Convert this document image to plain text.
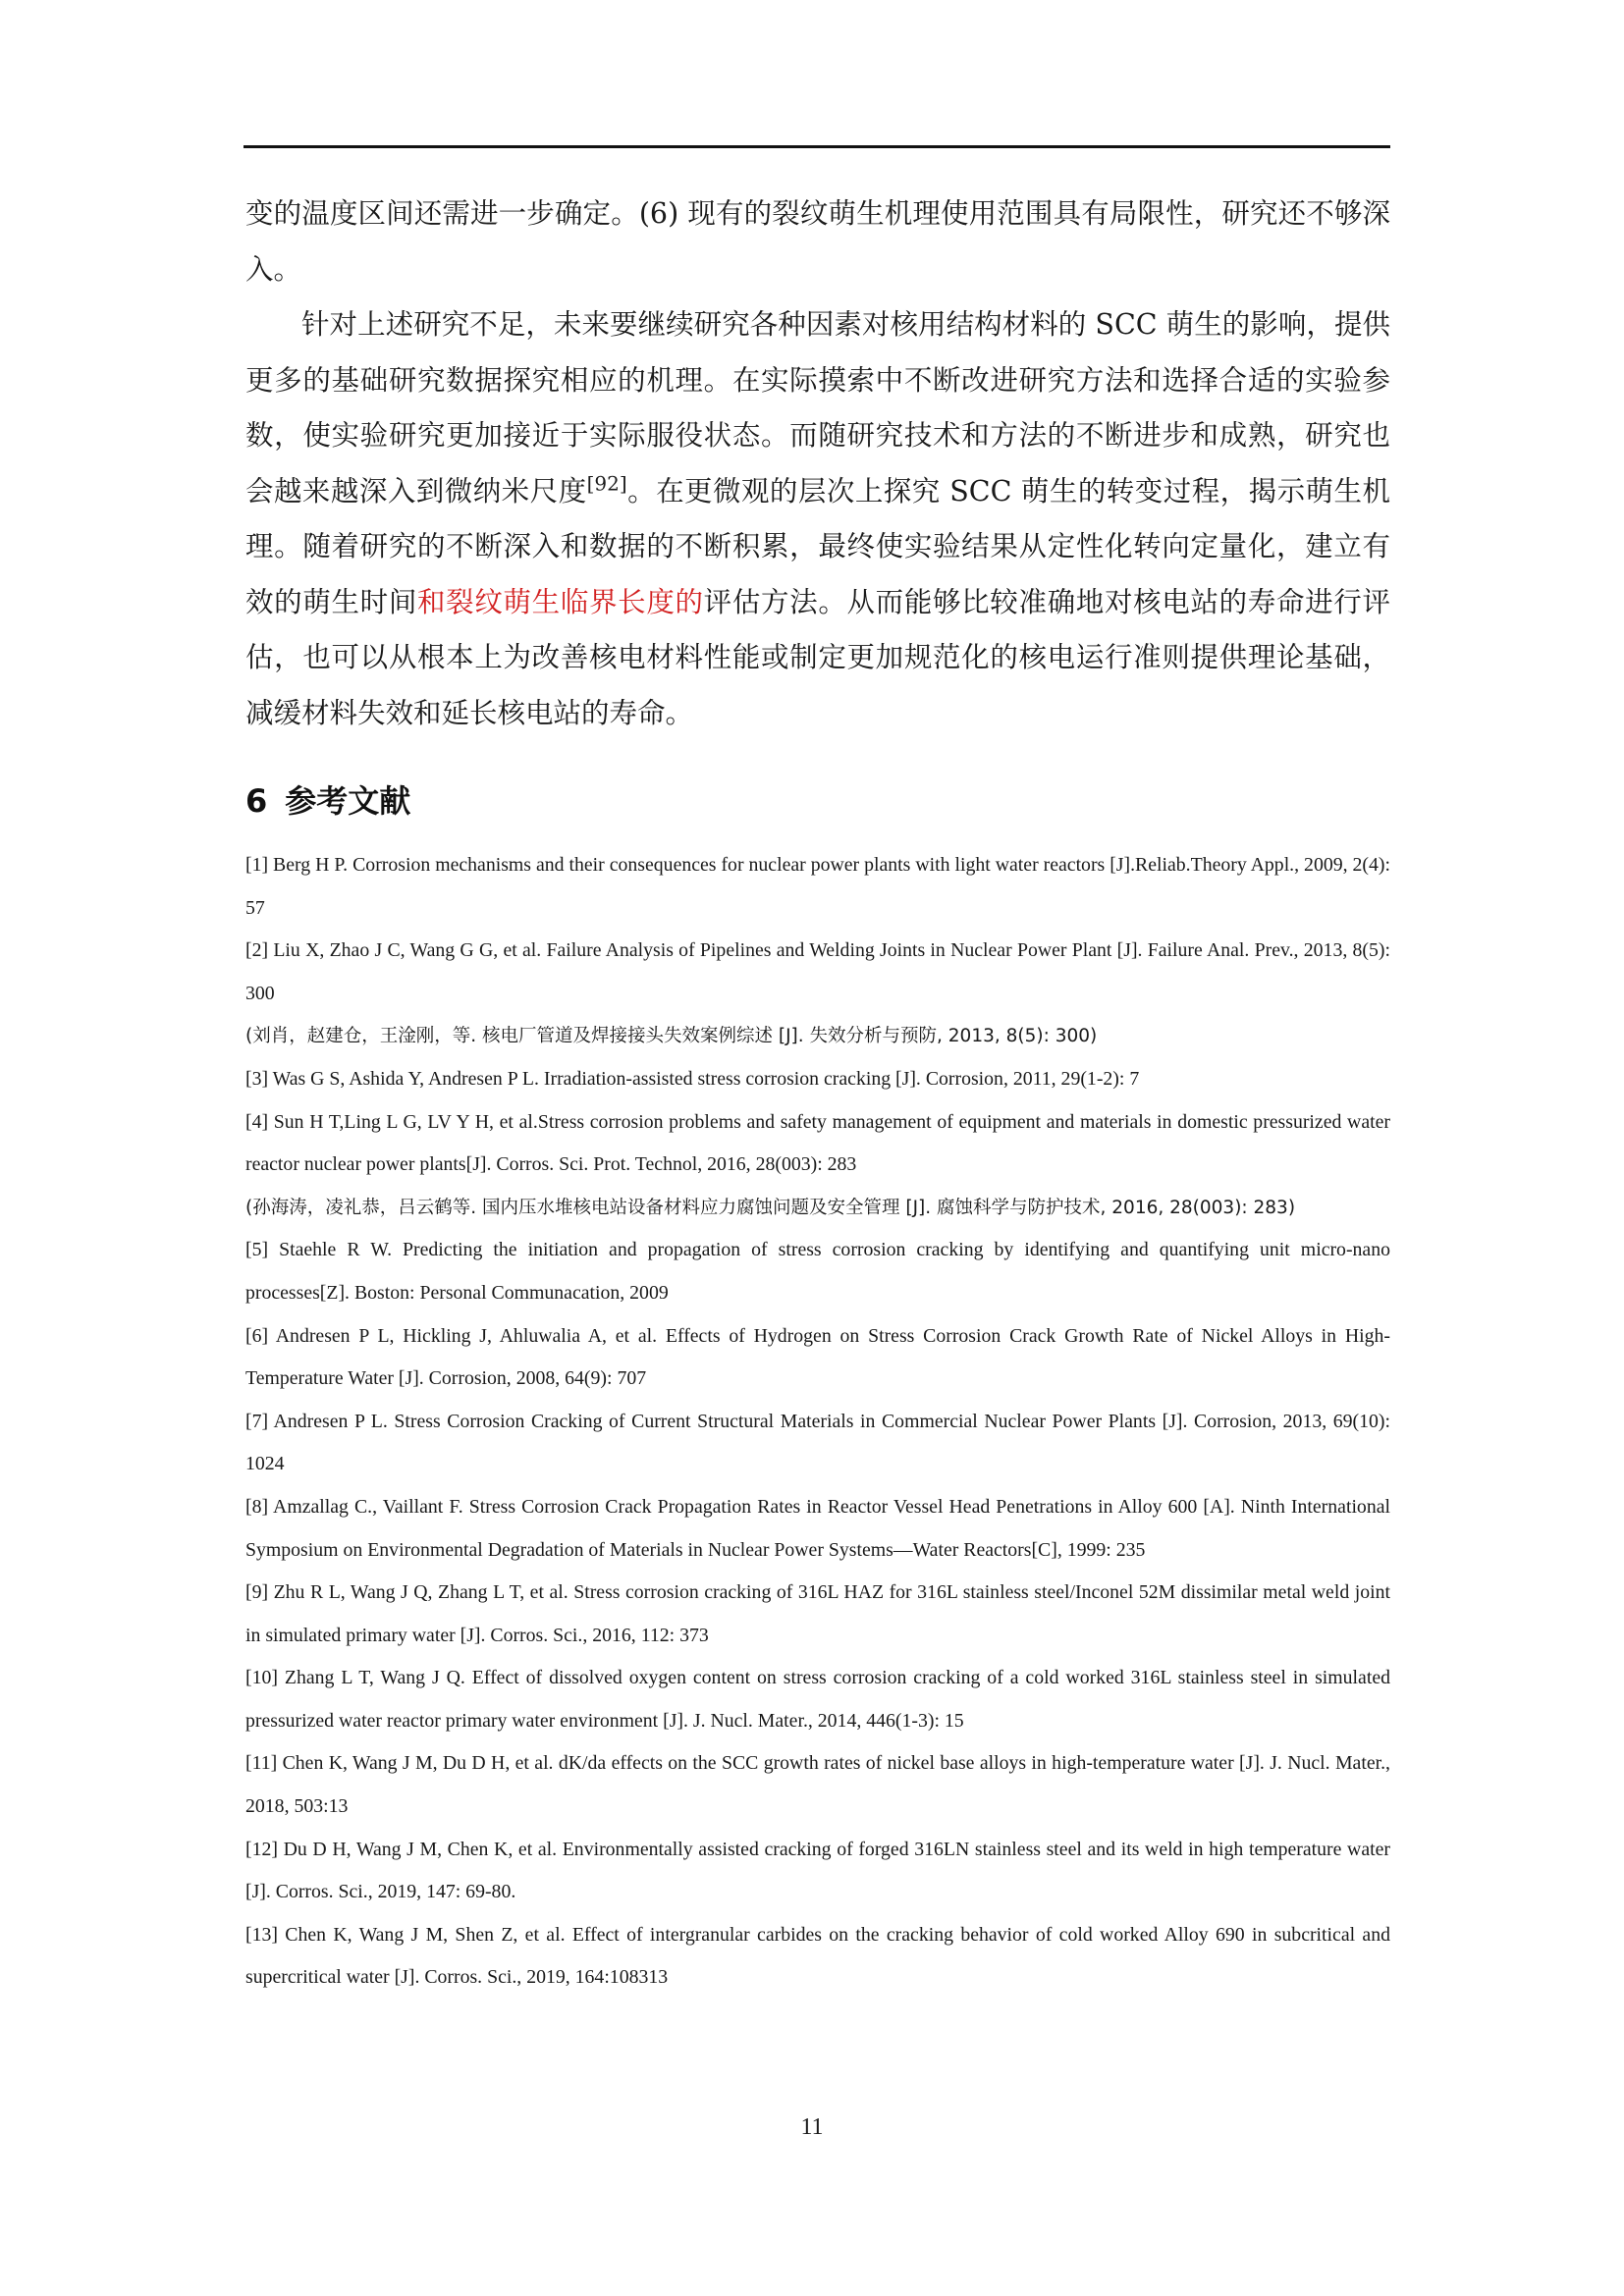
变的温度区间还需进一步确定。(6) 现有的裂纹萌生机理使用范围具有局限性，研究还不够深入。
针对上述研究不足，未来要继续研究各种因素对核用结构材料的 SCC 萌生的影响，提供更多的基础研究数据探究相应的机理。在实际摸索中不断改进研究方法和选择合适的实验参数，使实验研究更加接近于实际服役状态。而随研究技术和方法的不断进步和成熟，研究也会越来越深入到微纳米尺度[92]。在更微观的层次上探究 SCC 萌生的转变过程，揭示萌生机理。随着研究的不断深入和数据的不断积累，最终使实验结果从定性化转向定量化，建立有效的萌生时间和裂纹萌生临界长度的评估方法。从而能够比较准确地对核电站的寿命进行评估，也可以从根本上为改善核电材料性能或制定更加规范化的核电运行准则提供理论基础，减缓材料失效和延长核电站的寿命。
6 参考文献

[1] Berg H P. Corrosion mechanisms and their consequences for nuclear power plants with light water reactors [J].Reliab.Theory Appl., 2009, 2(4): 57

[2] Liu X, Zhao J C, Wang G G, et al. Failure Analysis of Pipelines and Welding Joints in Nuclear Power Plant [J]. Failure Anal. Prev., 2013, 8(5): 300

(刘肖，赵建仓，王淦刚，等. 核电厂管道及焊接接头失效案例综述 [J]. 失效分析与预防, 2013, 8(5): 300)

[3] Was G S, Ashida Y, Andresen P L. Irradiation-assisted stress corrosion cracking [J]. Corrosion, 2011, 29(1-2): 7

[4] Sun H T,Ling L G, LV Y H, et al.Stress corrosion problems and safety management of equipment and materials in domestic pressurized water reactor nuclear power plants[J]. Corros. Sci. Prot. Technol, 2016, 28(003): 283

(孙海涛，凌礼恭，吕云鹤等. 国内压水堆核电站设备材料应力腐蚀问题及安全管理 [J]. 腐蚀科学与防护技术, 2016, 28(003): 283)

[5] Staehle R W. Predicting the initiation and propagation of stress corrosion cracking by identifying and quantifying unit micro-nano processes[Z]. Boston: Personal Communacation, 2009

[6] Andresen P L, Hickling J, Ahluwalia A, et al. Effects of Hydrogen on Stress Corrosion Crack Growth Rate of Nickel Alloys in High-Temperature Water [J]. Corrosion, 2008, 64(9): 707

[7] Andresen P L. Stress Corrosion Cracking of Current Structural Materials in Commercial Nuclear Power Plants [J]. Corrosion, 2013, 69(10): 1024

[8] Amzallag C., Vaillant F. Stress Corrosion Crack Propagation Rates in Reactor Vessel Head Penetrations in Alloy 600 [A]. Ninth International Symposium on Environmental Degradation of Materials in Nuclear Power Systems—Water Reactors[C], 1999: 235

[9] Zhu R L, Wang J Q, Zhang L T, et al. Stress corrosion cracking of 316L HAZ for 316L stainless steel/Inconel 52M dissimilar metal weld joint in simulated primary water [J]. Corros. Sci., 2016, 112: 373

[10] Zhang L T, Wang J Q. Effect of dissolved oxygen content on stress corrosion cracking of a cold worked 316L stainless steel in simulated pressurized water reactor primary water environment [J]. J. Nucl. Mater., 2014, 446(1-3): 15

[11] Chen K, Wang J M, Du D H, et al. dK/da effects on the SCC growth rates of nickel base alloys in high-temperature water [J]. J. Nucl. Mater., 2018, 503:13

[12] Du D H, Wang J M, Chen K, et al. Environmentally assisted cracking of forged 316LN stainless steel and its weld in high temperature water [J]. Corros. Sci., 2019, 147: 69-80.

[13] Chen K, Wang J M, Shen Z, et al. Effect of intergranular carbides on the cracking behavior of cold worked Alloy 690 in subcritical and supercritical water [J]. Corros. Sci., 2019, 164:108313

11
